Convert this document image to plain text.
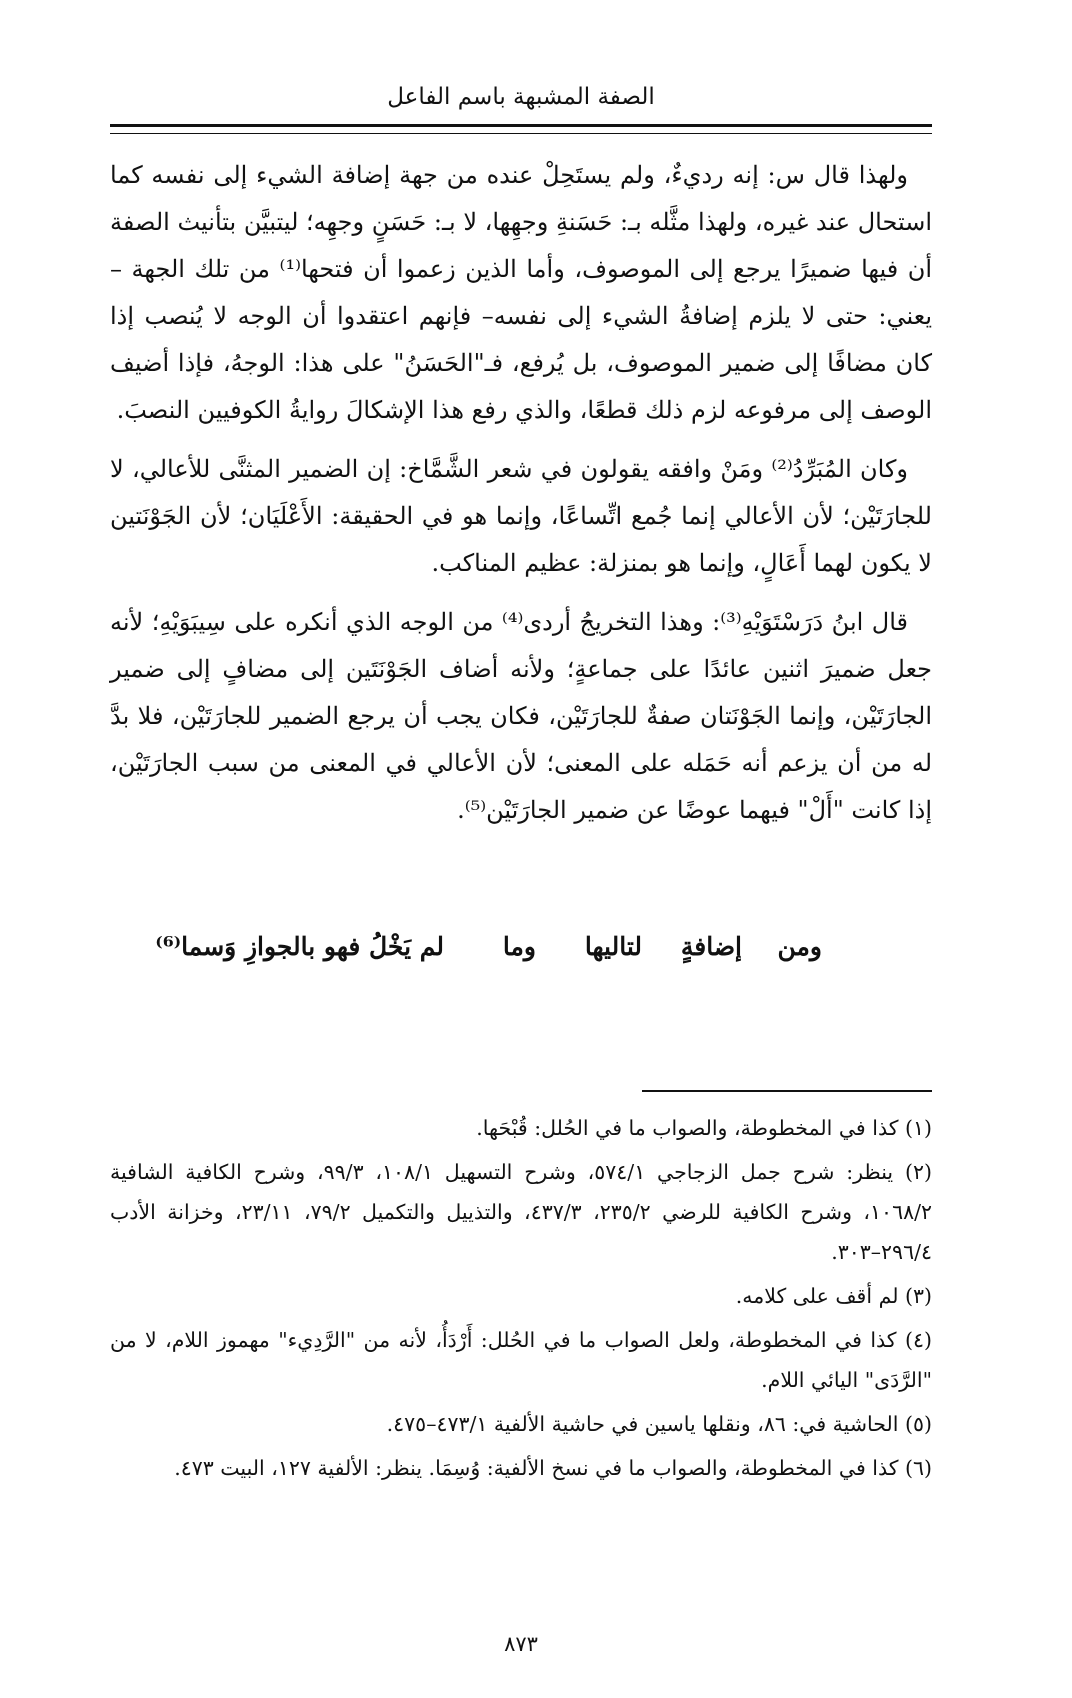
الصفة المشبهة باسم الفاعل

ولهذا قال س: إنه رديءٌ، ولم يستَحِلْ عنده من جهة إضافة الشيء إلى نفسه كما استحال عند غيره، ولهذا مثَّله بـ: حَسَنةِ وجهِها، لا بـ: حَسَنٍ وجهِه؛ ليتبيَّن بتأنيث الصفة أن فيها ضميرًا يرجع إلى الموصوف، وأما الذين زعموا أن فتحها⁽¹⁾ من تلك الجهة –يعني: حتى لا يلزم إضافةُ الشيء إلى نفسه– فإنهم اعتقدوا أن الوجه لا يُنصب إذا كان مضافًا إلى ضمير الموصوف، بل يُرفع، فـ"الحَسَنُ" على هذا: الوجهُ، فإذا أضيف الوصف إلى مرفوعه لزم ذلك قطعًا، والذي رفع هذا الإشكالَ روايةُ الكوفيين النصبَ.

وكان المُبَرِّدُ⁽²⁾ ومَنْ وافقه يقولون في شعر الشَّمَّاخ: إن الضمير المثنَّى للأعالي، لا للجارَتَيْن؛ لأن الأعالي إنما جُمع اتِّساعًا، وإنما هو في الحقيقة: الأَعْلَيَان؛ لأن الجَوْنَتين لا يكون لهما أَعَالٍ، وإنما هو بمنزلة: عظيم المناكب.

قال ابنُ دَرَسْتَوَيْهِ⁽³⁾: وهذا التخريجُ أردى⁽⁴⁾ من الوجه الذي أنكره على سِيبَوَيْهِ؛ لأنه جعل ضميرَ اثنين عائدًا على جماعةٍ؛ ولأنه أضاف الجَوْنَتَين إلى مضافٍ إلى ضمير الجارَتَيْن، وإنما الجَوْنَتان صفةٌ للجارَتَيْن، فكان يجب أن يرجع الضمير للجارَتَيْن، فلا بدَّ له من أن يزعم أنه حَمَله على المعنى؛ لأن الأعالي في المعنى من سبب الجارَتَيْن، إذا كانت "أَلْ" فيهما عوضًا عن ضمير الجارَتَيْن⁽⁵⁾.

ومن
إضافةٍ
لتاليها
وما
لم يَخْلُ فهو بالجوازِ وَسما⁽⁶⁾

(١) كذا في المخطوطة، والصواب ما في الحُلل: قُبْحَها.

(٢) ينظر: شرح جمل الزجاجي ٥٧٤/١، وشرح التسهيل ١٠٨/١، ٩٩/٣، وشرح الكافية الشافية ١٠٦٨/٢، وشرح الكافية للرضي ٢٣٥/٢، ٤٣٧/٣، والتذييل والتكميل ٧٩/٢، ٢٣/١١، وخزانة الأدب ٢٩٦/٤–٣٠٣.

(٣) لم أقف على كلامه.

(٤) كذا في المخطوطة، ولعل الصواب ما في الحُلل: أَرْدَأُ، لأنه من "الرَّدِيء" مهموز اللام، لا من "الرَّدَى" اليائي اللام.

(٥) الحاشية في: ٨٦، ونقلها ياسين في حاشية الألفية ٤٧٣/١–٤٧٥.

(٦) كذا في المخطوطة، والصواب ما في نسخ الألفية: وُسِمَا. ينظر: الألفية ١٢٧، البيت ٤٧٣.

٨٧٣
